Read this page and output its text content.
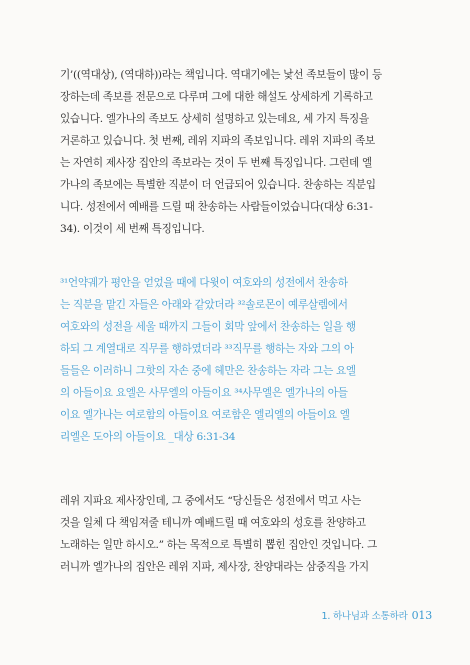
기’((역대상), (역대하))라는 책입니다. 역대기에는 낯선 족보들이 많이 등

장하는데 족보를 전문으로 다루며 그에 대한 해설도 상세하게 기록하고

있습니다. 엘가나의 족보도 상세히 설명하고 있는데요, 세 가지 특징을

거론하고 있습니다. 첫 번째, 레위 지파의 족보입니다. 레위 지파의 족보

는 자연히 제사장 집안의 족보라는 것이 두 번째 특징입니다. 그런데 엘

가나의 족보에는 특별한 직분이 더 언급되어 있습니다. 찬송하는 직분입

니다. 성전에서 예배를 드릴 때 찬송하는 사람들이었습니다(대상 6:31-

34). 이것이 세 번째 특징입니다.

³¹언약궤가 평안을 얻었을 때에 다윗이 여호와의 성전에서 찬송하

는 직분을 맡긴 자들은 아래와 같았더라 ³²솔로몬이 예루살렘에서

여호와의 성전을 세울 때까지 그들이 회막 앞에서 찬송하는 일을 행

하되 그 계열대로 직무를 행하였더라 ³³직무를 행하는 자와 그의 아

들들은 이러하니 그핫의 자손 중에 헤만은 찬송하는 자라 그는 요엘

의 아들이요 요엘은 사무엘의 아들이요 ³⁴사무엘은 엘가나의 아들

이요 엘가나는 여로함의 아들이요 여로함은 엘리엘의 아들이요 엘

리엘은 도아의 아들이요 _대상 6:31-34

레위 지파요 제사장인데, 그 중에서도 “당신들은 성전에서 먹고 사는

것을 일체 다 책임져줄 테니까 예배드릴 때 여호와의 성호를 찬양하고

노래하는 일만 하시오.” 하는 목적으로 특별히 뽑힌 집안인 것입니다. 그

러니까 엘가나의 집안은 레위 지파, 제사장, 찬양대라는 삼중직을 가지

1. 하나님과 소통하라 013
